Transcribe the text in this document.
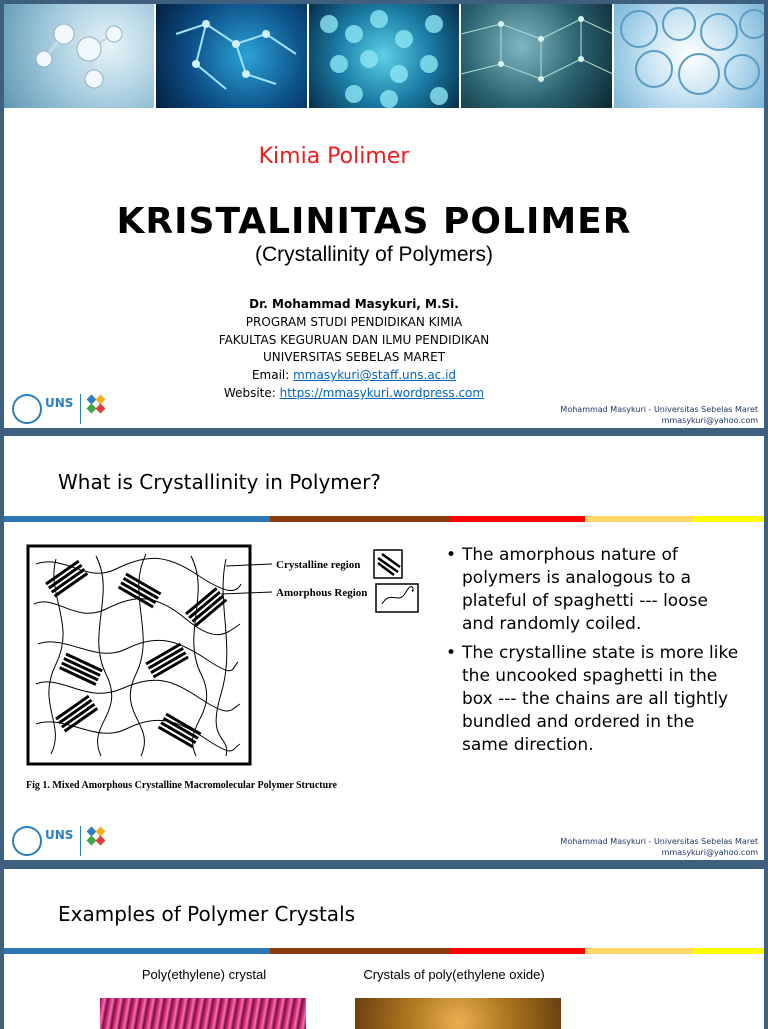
Kimia Polimer
KRISTALINITAS POLIMER
(Crystallinity of Polymers)
Dr. Mohammad Masykuri, M.Si.
PROGRAM STUDI PENDIDIKAN KIMIA
FAKULTAS KEGURUAN DAN ILMU PENDIDIKAN
UNIVERSITAS SEBELAS MARET
Email: mmasykuri@staff.uns.ac.id
Website: https://mmasykuri.wordpress.com
UNS	Mohammad Masykuri - Universitas Sebelas Maret
mmasykuri@yahoo.com
What is Crystallinity in Polymer?
Crystalline region
Amorphous Region
Fig 1. Mixed Amorphous Crystalline Macromolecular Polymer Structure
• The amorphous nature of polymers is analogous to a plateful of spaghetti --- loose and randomly coiled.
• The crystalline state is more like the uncooked spaghetti in the box --- the chains are all tightly bundled and ordered in the same direction.
UNS	Mohammad Masykuri - Universitas Sebelas Maret
mmasykuri@yahoo.com
Examples of Polymer Crystals
Poly(ethylene) crystal	Crystals of poly(ethylene oxide)
